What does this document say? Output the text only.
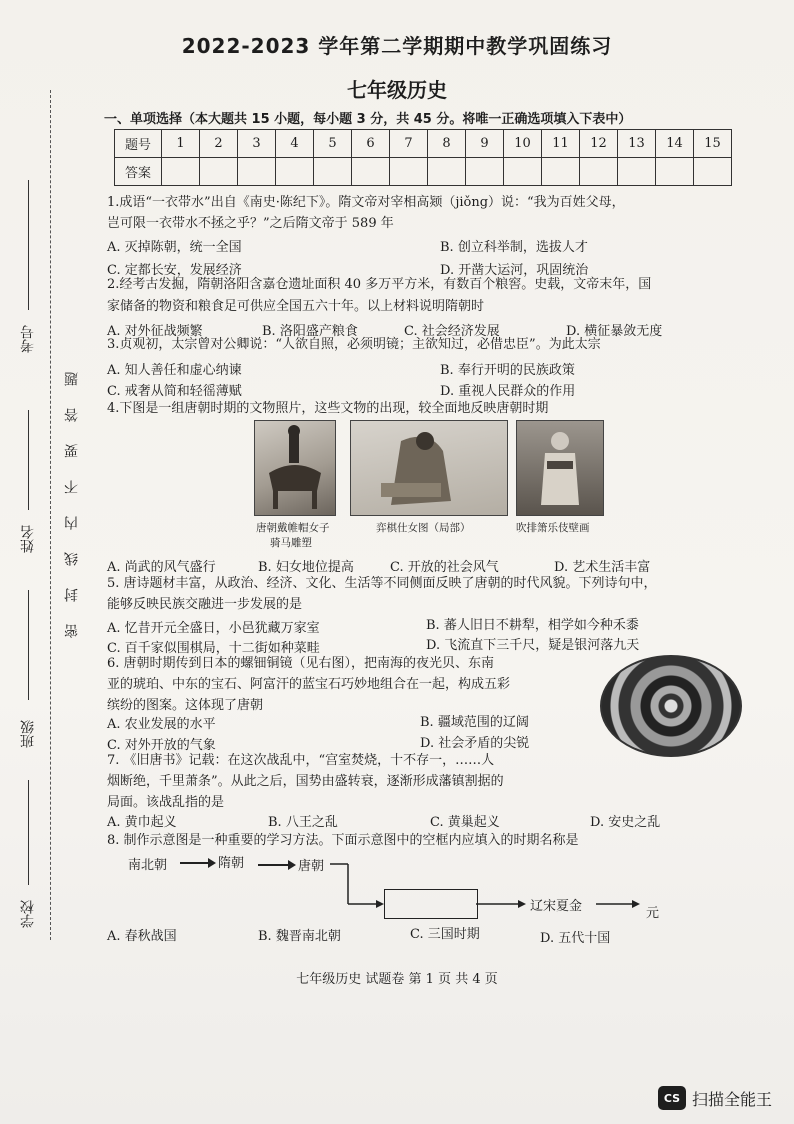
考号
姓名
班级
学校
密封线内不要答题
2022-2023 学年第二学期期中教学巩固练习
七年级历史
一、单项选择（本大题共 15 小题，每小题 3 分，共 45 分。将唯一正确选项填入下表中）
题号	1	2	3	4	5	6	7	8	9	10	11	12	13	14	15
答案															
1.成语“一衣带水”出自《南史·陈纪下》。隋文帝对宰相高颎（jiǒng）说：“我为百姓父母，
岂可限一衣带水不拯之乎？”之后隋文帝于 589 年
A. 灭掉陈朝，统一全国	B. 创立科举制，选拔人才
C. 定都长安，发展经济	D. 开凿大运河，巩固统治
2.经考古发掘，隋朝洛阳含嘉仓遗址面积 40 多万平方米，有数百个粮窖。史载，文帝末年，国
家储备的物资和粮食足可供应全国五六十年。以上材料说明隋朝时
A. 对外征战频繁	B. 洛阳盛产粮食	C. 社会经济发展	D. 横征暴敛无度
3.贞观初，太宗曾对公卿说：“人欲自照，必须明镜；主欲知过，必借忠臣”。为此太宗
A. 知人善任和虚心纳谏	B. 奉行开明的民族政策
C. 戒奢从简和轻徭薄赋	D. 重视人民群众的作用
4.下图是一组唐朝时期的文物照片，这些文物的出现，较全面地反映唐朝时期
唐朝戴帷帽女子
骑马雕塑
弈棋仕女图（局部）	吹排箫乐伎壁画
A. 尚武的风气盛行	B. 妇女地位提高	C. 开放的社会风气	D. 艺术生活丰富
5. 唐诗题材丰富，从政治、经济、文化、生活等不同侧面反映了唐朝的时代风貌。下列诗句中，
能够反映民族交融进一步发展的是
A. 忆昔开元全盛日，小邑犹藏万家室	B. 蕃人旧日不耕犁，相学如今种禾黍
C. 百千家似围棋局，十二街如种菜畦	D. 飞流直下三千尺，疑是银河落九天
6. 唐朝时期传到日本的螺钿铜镜（见右图），把南海的夜光贝、东南
亚的琥珀、中东的宝石、阿富汗的蓝宝石巧妙地组合在一起，构成五彩
缤纷的图案。这体现了唐朝
A. 农业发展的水平	B. 疆域范围的辽阔
C. 对外开放的气象	D. 社会矛盾的尖锐
7. 《旧唐书》记载：在这次战乱中，“宫室焚烧，十不存一，……人
烟断绝，千里萧条”。从此之后，国势由盛转衰，逐渐形成藩镇割据的
局面。该战乱指的是
A. 黄巾起义	B. 八王之乱	C. 黄巢起义	D. 安史之乱
8. 制作示意图是一种重要的学习方法。下面示意图中的空框内应填入的时期名称是
南北朝	隋朝	唐朝
辽宋夏金	元
A. 春秋战国	B. 魏晋南北朝	C. 三国时期	D. 五代十国
七年级历史 试题卷 第 1 页 共 4 页
CS 扫描全能王
